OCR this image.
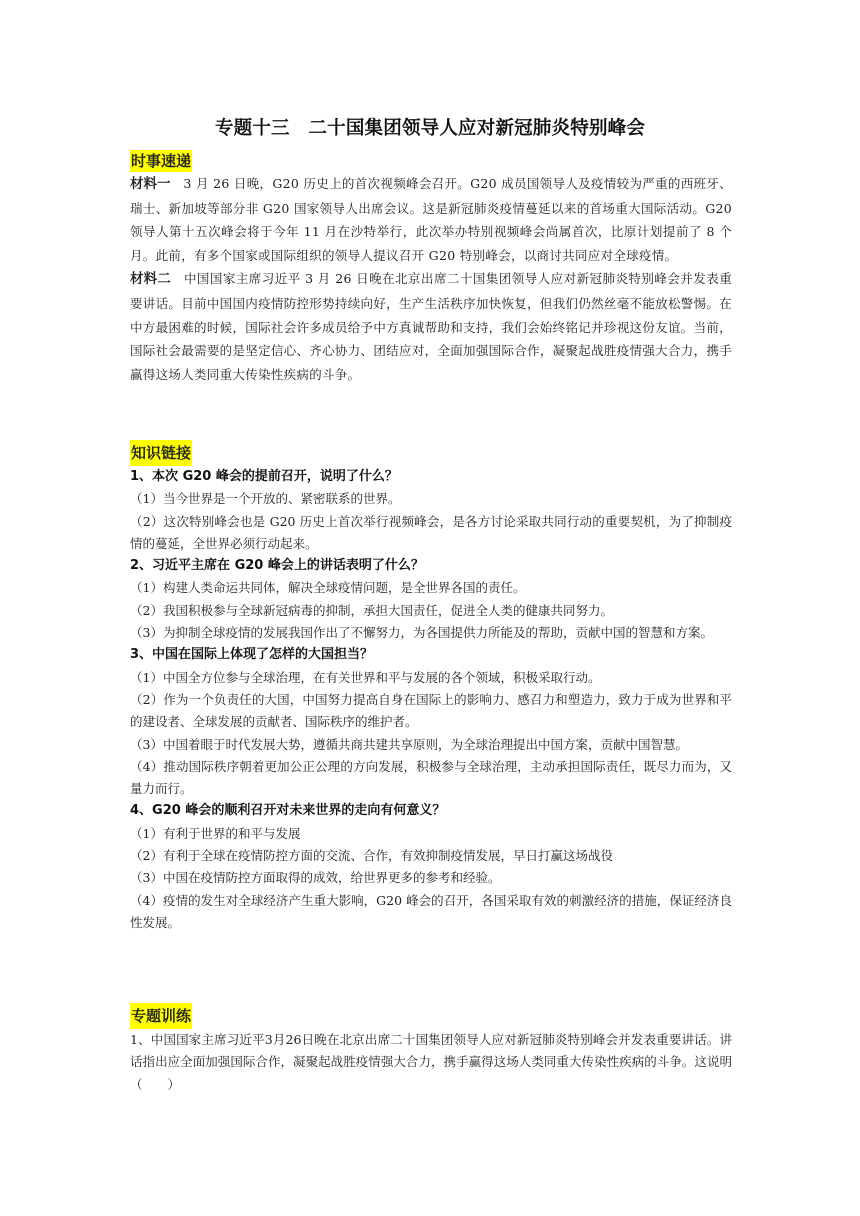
专题十三　二十国集团领导人应对新冠肺炎特别峰会
时事速递

材料一　3 月 26 日晚，G20 历史上的首次视频峰会召开。G20 成员国领导人及疫情较为严重的西班牙、瑞士、新加坡等部分非 G20 国家领导人出席会议。这是新冠肺炎疫情蔓延以来的首场重大国际活动。G20 领导人第十五次峰会将于今年 11 月在沙特举行，此次举办特别视频峰会尚属首次，比原计划提前了 8 个月。此前，有多个国家或国际组织的领导人提议召开 G20 特别峰会，以商讨共同应对全球疫情。

材料二　中国国家主席习近平 3 月 26 日晚在北京出席二十国集团领导人应对新冠肺炎特别峰会并发表重要讲话。目前中国国内疫情防控形势持续向好，生产生活秩序加快恢复，但我们仍然丝毫不能放松警惕。在中方最困难的时候，国际社会许多成员给予中方真诚帮助和支持，我们会始终铭记并珍视这份友谊。当前，国际社会最需要的是坚定信心、齐心协力、团结应对，全面加强国际合作，凝聚起战胜疫情强大合力，携手赢得这场人类同重大传染性疾病的斗争。

知识链接
1、本次 G20 峰会的提前召开，说明了什么？
（1）当今世界是一个开放的、紧密联系的世界。
（2）这次特别峰会也是 G20 历史上首次举行视频峰会，是各方讨论采取共同行动的重要契机，为了抑制疫情的蔓延，全世界必须行动起来。
2、习近平主席在 G20 峰会上的讲话表明了什么？
（1）构建人类命运共同体，解决全球疫情问题，是全世界各国的责任。
（2）我国积极参与全球新冠病毒的抑制，承担大国责任，促进全人类的健康共同努力。
（3）为抑制全球疫情的发展我国作出了不懈努力，为各国提供力所能及的帮助，贡献中国的智慧和方案。
3、中国在国际上体现了怎样的大国担当？
（1）中国全方位参与全球治理，在有关世界和平与发展的各个领域，积极采取行动。
（2）作为一个负责任的大国，中国努力提高自身在国际上的影响力、感召力和塑造力，致力于成为世界和平的建设者、全球发展的贡献者、国际秩序的维护者。
（3）中国着眼于时代发展大势，遵循共商共建共享原则，为全球治理提出中国方案，贡献中国智慧。
（4）推动国际秩序朝着更加公正公理的方向发展，积极参与全球治理，主动承担国际责任，既尽力而为，又量力而行。
4、G20 峰会的顺利召开对未来世界的走向有何意义？
（1）有利于世界的和平与发展
（2）有利于全球在疫情防控方面的交流、合作，有效抑制疫情发展，早日打赢这场战役
（3）中国在疫情防控方面取得的成效，给世界更多的参考和经验。
（4）疫情的发生对全球经济产生重大影响，G20 峰会的召开，各国采取有效的刺激经济的措施，保证经济良性发展。
专题训练
1、中国国家主席习近平3月26日晚在北京出席二十国集团领导人应对新冠肺炎特别峰会并发表重要讲话。讲话指出应全面加强国际合作，凝聚起战胜疫情强大合力，携手赢得这场人类同重大传染性疾病的斗争。这说明（　　）
